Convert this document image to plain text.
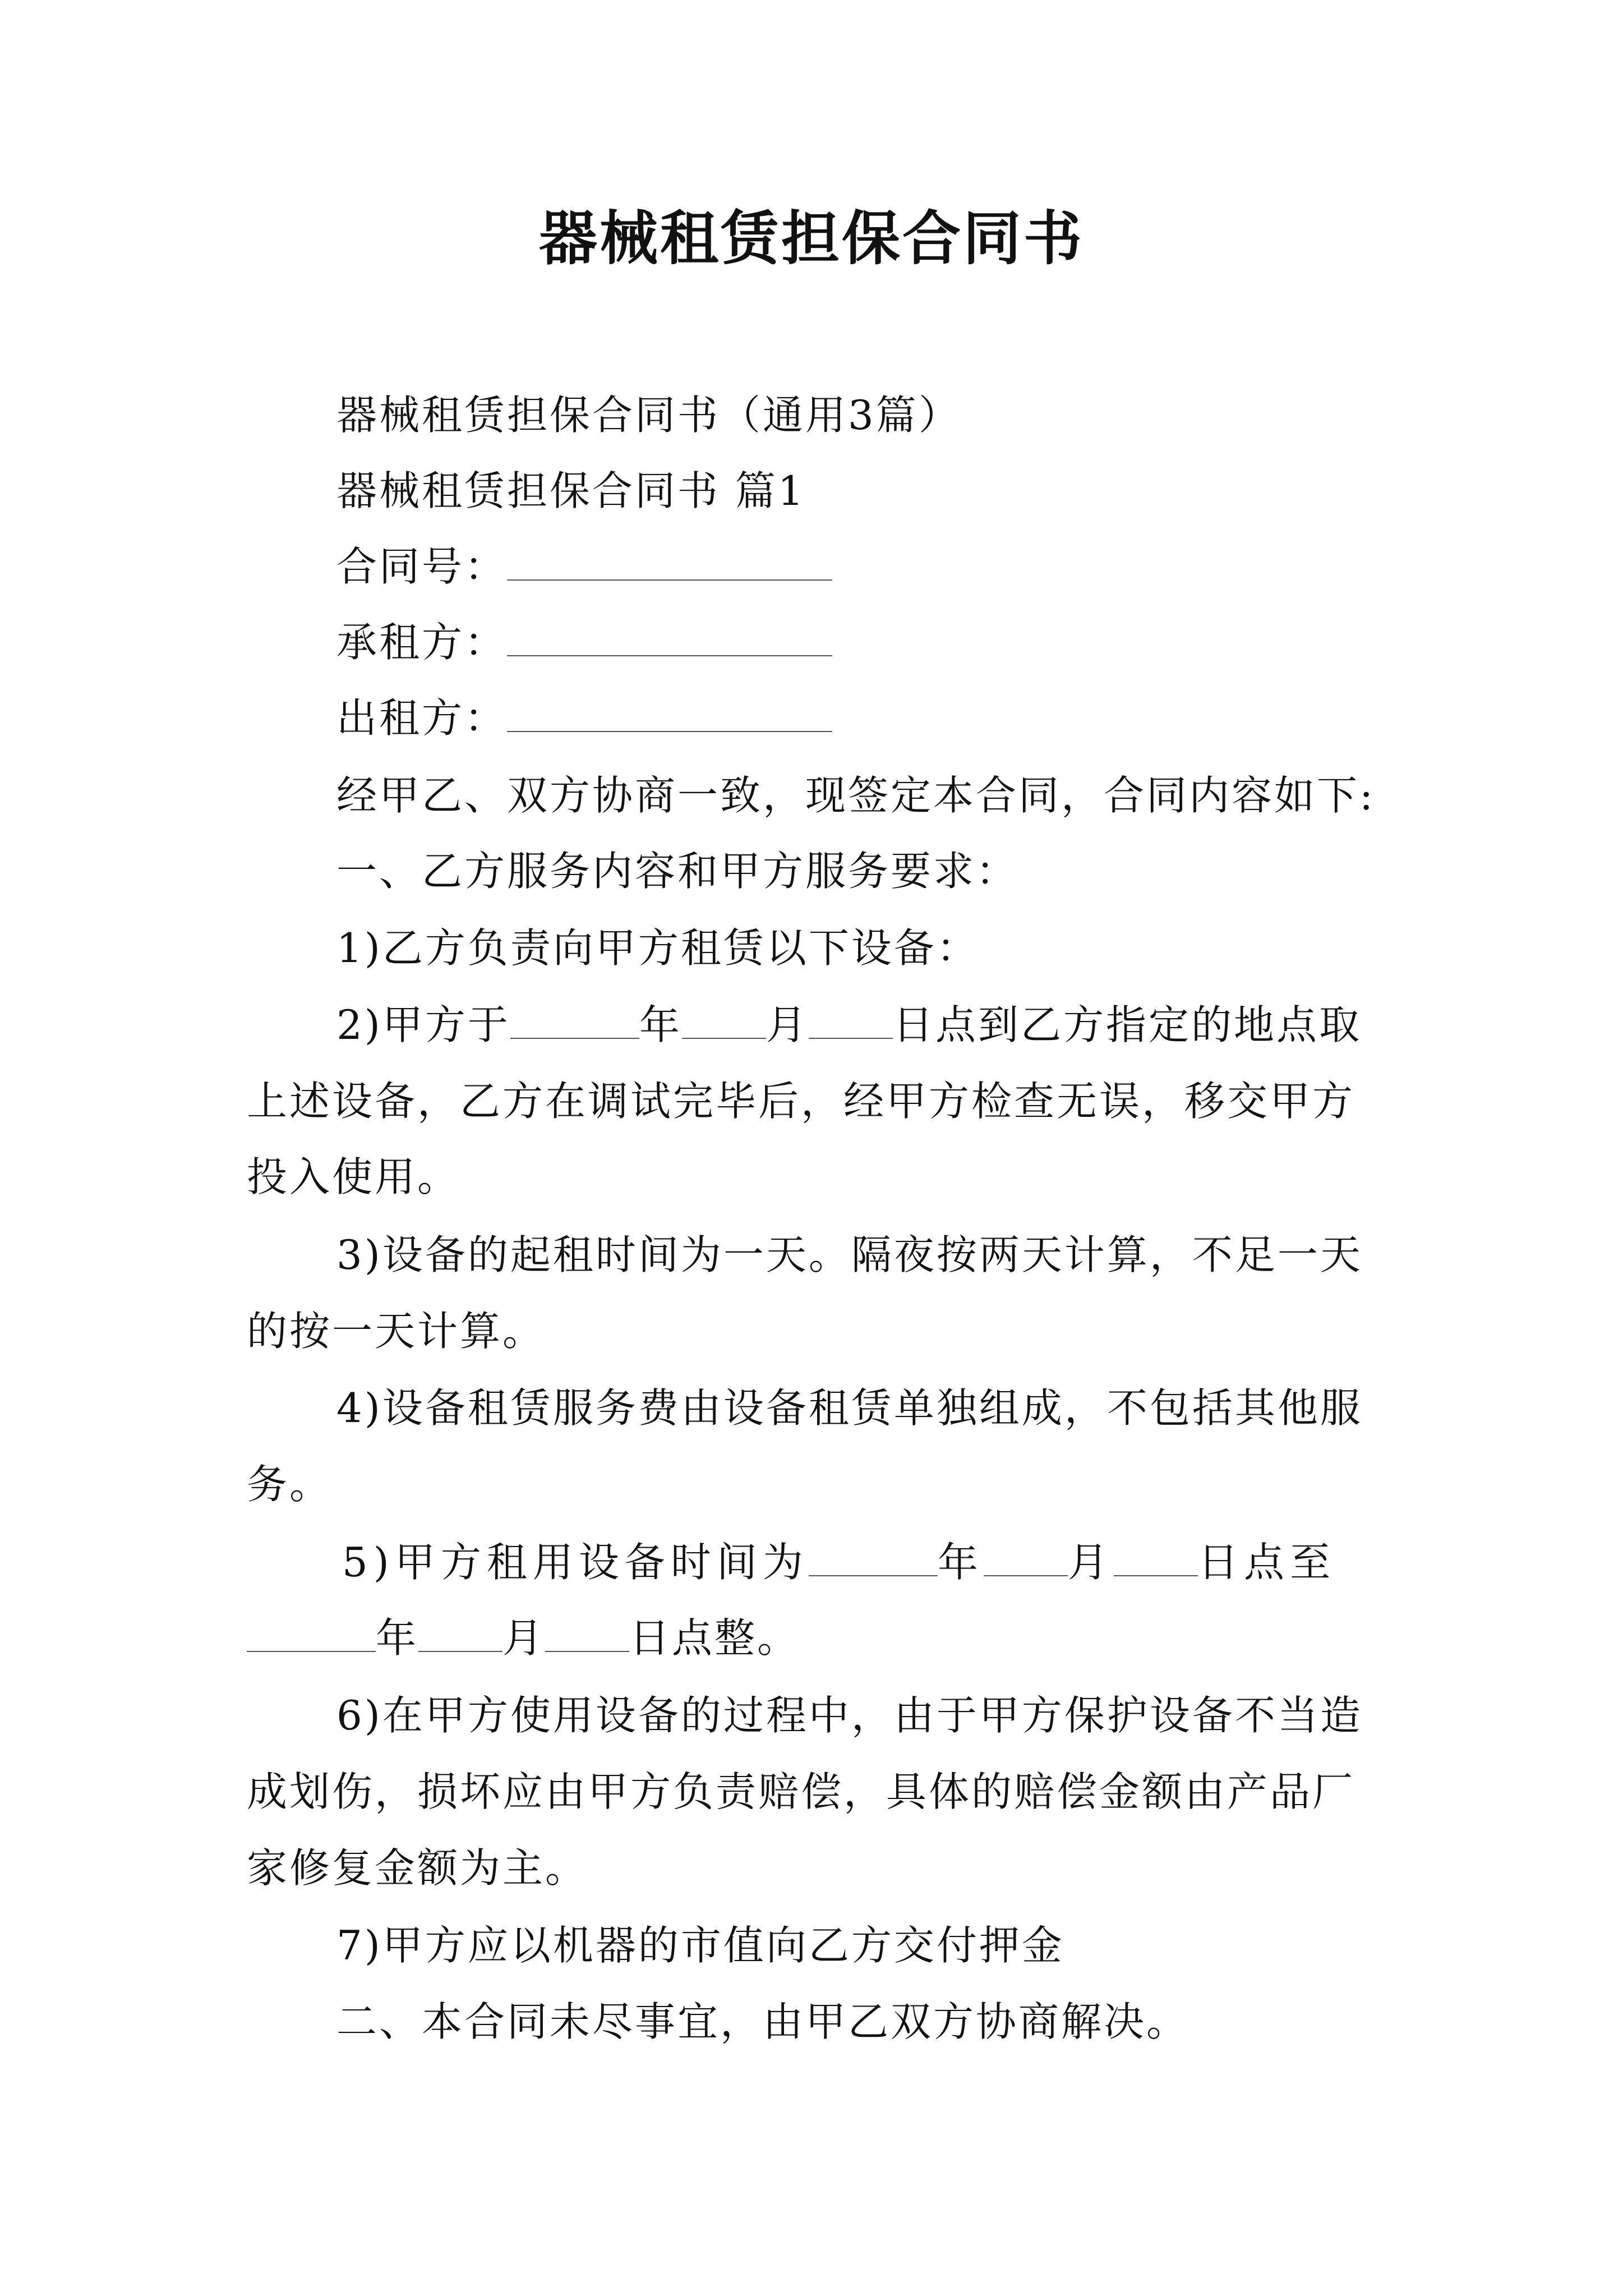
器械租赁担保合同书
器械租赁担保合同书（通用3篇）
器械租赁担保合同书 篇1
合同号：
承租方：
出租方：
经甲乙、双方协商一致，现签定本合同，合同内容如下:
一、乙方服务内容和甲方服务要求：
1)乙方负责向甲方租赁以下设备：
2)甲方于	年 月 日点到乙方指定的地点取
上述设备，乙方在调试完毕后，经甲方检查无误，移交甲方
投入使用。
3)设备的起租时间为一天。隔夜按两天计算，不足一天
的按一天计算。
4)设备租赁服务费由设备租赁单独组成，不包括其他服
务。
5)甲方租用设备时间为	年 月 日点至
年 月 日点整。
6)在甲方使用设备的过程中，由于甲方保护设备不当造
成划伤，损坏应由甲方负责赔偿，具体的赔偿金额由产品厂
家修复金额为主。
7)甲方应以机器的市值向乙方交付押金
二、本合同未尽事宜，由甲乙双方协商解决。
